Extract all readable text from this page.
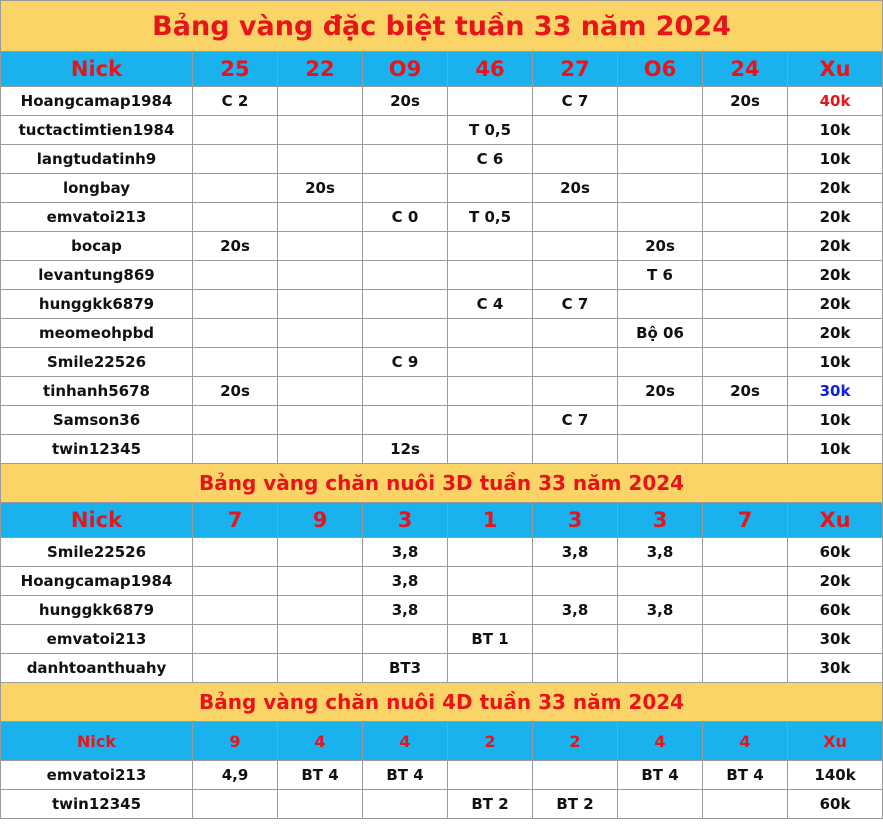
Bảng vàng đặc biệt tuần 33 năm 2024								
Nick	25	22	O9	46	27	O6	24	Xu
Hoangcamap1984	C 2		20s		C 7		20s	40k
tuctactimtien1984				T 0,5				10k
langtudatinh9				C 6				10k
longbay		20s			20s			20k
emvatoi213			C 0	T 0,5				20k
bocap	20s					20s		20k
levantung869						T 6		20k
hunggkk6879				C 4	C 7			20k
meomeohpbd						Bộ 06		20k
Smile22526			C 9					10k
tinhanh5678	20s					20s	20s	30k
Samson36					C 7			10k
twin12345			12s					10k
Bảng vàng chăn nuôi 3D tuần 33 năm 2024								
Nick	7	9	3	1	3	3	7	Xu
Smile22526			3,8		3,8	3,8		60k
Hoangcamap1984			3,8					20k
hunggkk6879			3,8		3,8	3,8		60k
emvatoi213				BT 1				30k
danhtoanthuahy			BT3					30k
Bảng vàng chăn nuôi 4D tuần 33 năm 2024								
Nick	9	4	4	2	2	4	4	Xu
emvatoi213	4,9	BT 4	BT 4			BT 4	BT 4	140k
twin12345				BT 2	BT 2			60k
